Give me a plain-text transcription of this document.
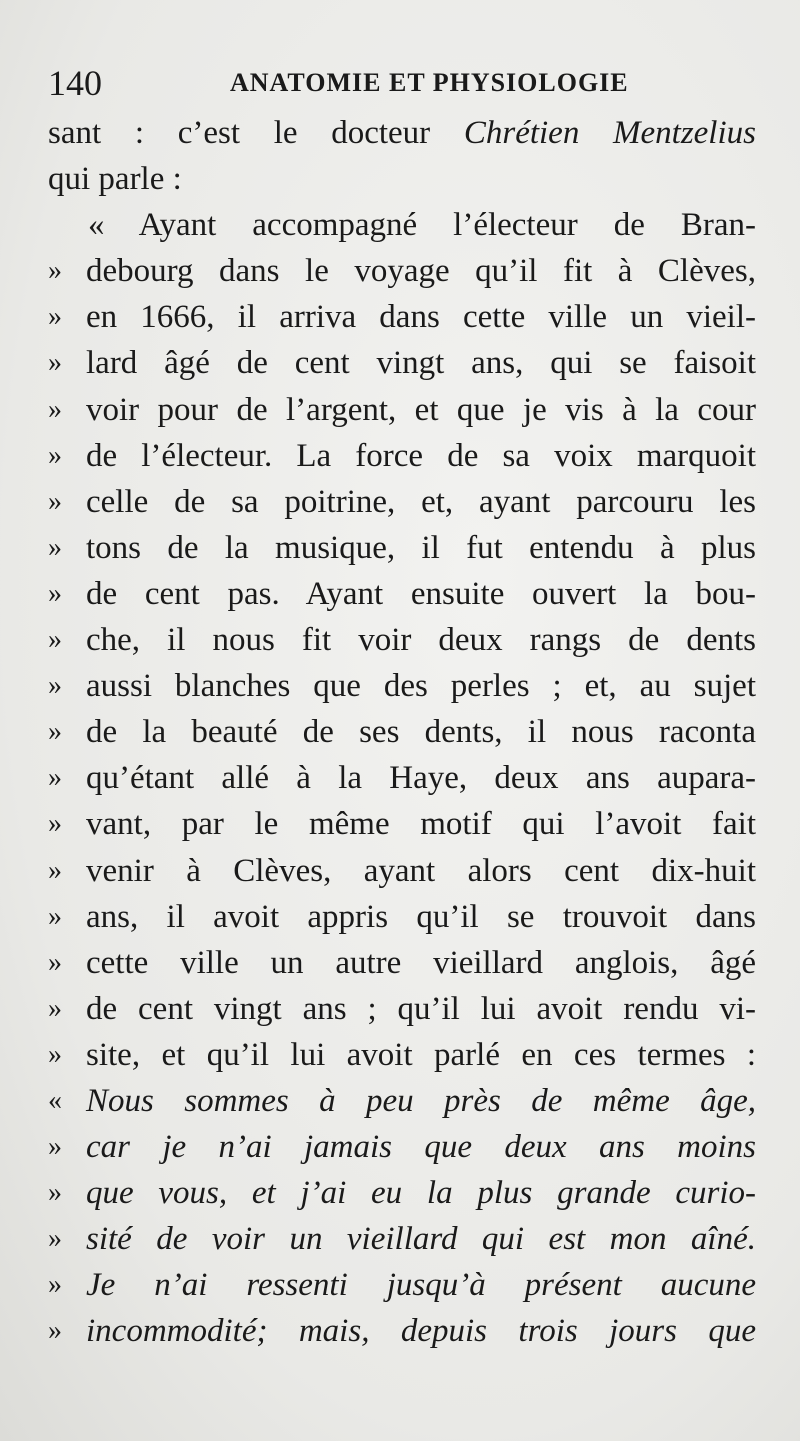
140	ANATOMIE ET PHYSIOLOGIE
sant : c’est le docteur Chrétien Mentzelius
qui parle :
« Ayant accompagné l’électeur de Bran-
» debourg dans le voyage qu’il fit à Clèves,
» en 1666, il arriva dans cette ville un vieil-
» lard âgé de cent vingt ans, qui se faisoit
» voir pour de l’argent, et que je vis à la cour
» de l’électeur. La force de sa voix marquoit
» celle de sa poitrine, et, ayant parcouru les
» tons de la musique, il fut entendu à plus
» de cent pas. Ayant ensuite ouvert la bou-
» che, il nous fit voir deux rangs de dents
» aussi blanches que des perles ; et, au sujet
» de la beauté de ses dents, il nous raconta
» qu’étant allé à la Haye, deux ans aupara-
» vant, par le même motif qui l’avoit fait
» venir à Clèves, ayant alors cent dix-huit
» ans, il avoit appris qu’il se trouvoit dans
» cette ville un autre vieillard anglois, âgé
» de cent vingt ans ; qu’il lui avoit rendu vi-
» site, et qu’il lui avoit parlé en ces termes :
« Nous sommes à peu près de même âge,
» car je n’ai jamais que deux ans moins
» que vous, et j’ai eu la plus grande curio-
» sité de voir un vieillard qui est mon aîné.
» Je n’ai ressenti jusqu’à présent aucune
» incommodité; mais, depuis trois jours que
